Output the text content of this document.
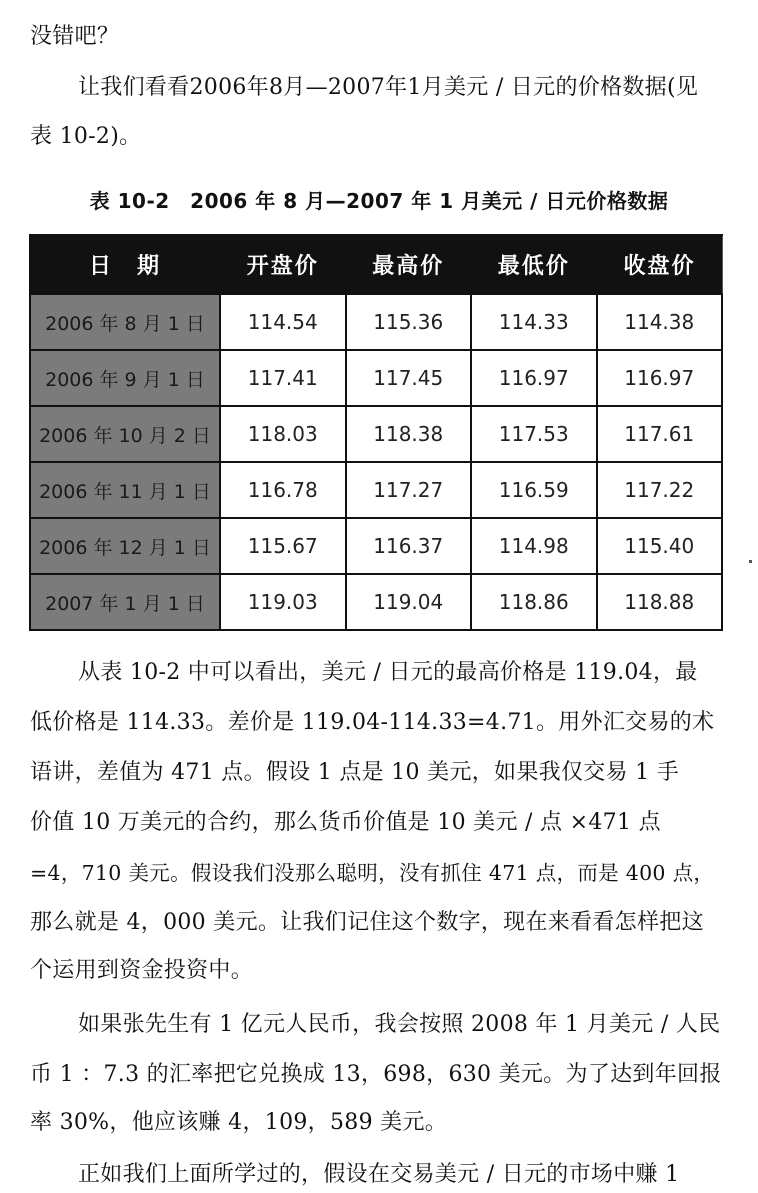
没错吧？
让我们看看2006年8月—2007年1月美元 / 日元的价格数据(见
表 10-2)。
表 10-2　2006 年 8 月—2007 年 1 月美元 / 日元价格数据
日　期	开盘价	最高价	最低价	收盘价
2006 年 8 月 1 日	114.54	115.36	114.33	114.38
2006 年 9 月 1 日	117.41	117.45	116.97	116.97
2006 年 10 月 2 日	118.03	118.38	117.53	117.61
2006 年 11 月 1 日	116.78	117.27	116.59	117.22
2006 年 12 月 1 日	115.67	116.37	114.98	115.40
2007 年 1 月 1 日	119.03	119.04	118.86	118.88
从表 10-2 中可以看出，美元 / 日元的最高价格是 119.04，最
低价格是 114.33。差价是 119.04-114.33=4.71。用外汇交易的术
语讲，差值为 471 点。假设 1 点是 10 美元，如果我仅交易 1 手
价值 10 万美元的合约，那么货币价值是 10 美元 / 点 ×471 点
=4，710 美元。假设我们没那么聪明，没有抓住 471 点，而是 400 点，
那么就是 4，000 美元。让我们记住这个数字，现在来看看怎样把这
个运用到资金投资中。
如果张先生有 1 亿元人民币，我会按照 2008 年 1 月美元 / 人民
币 1 ：7.3 的汇率把它兑换成 13，698，630 美元。为了达到年回报
率 30%，他应该赚 4，109，589 美元。
正如我们上面所学过的，假设在交易美元 / 日元的市场中赚 1
